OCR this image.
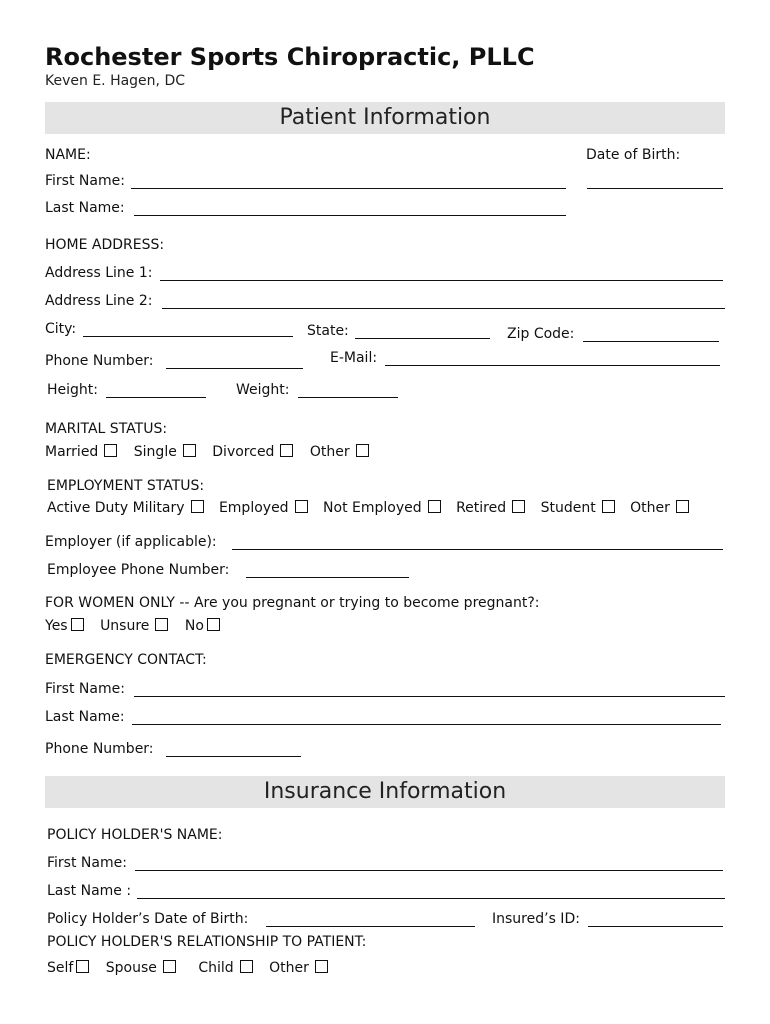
Rochester Sports Chiropractic, PLLC
Keven E. Hagen, DC
Patient Information
NAME:	Date of Birth:
First Name:
Last Name:
HOME ADDRESS:
Address Line 1:
Address Line 2:
City:	State:	Zip Code:
Phone Number:	E-Mail:
Height:	Weight:
MARITAL STATUS:
Married	Single	Divorced	Other
EMPLOYMENT STATUS:
Active Duty Military Employed Not Employed Retired Student Other
Employer (if applicable):
Employee Phone Number:
FOR WOMEN ONLY -- Are you pregnant or trying to become pregnant?:
Yes Unsure	No
EMERGENCY CONTACT:
First Name:
Last Name:
Phone Number:
Insurance Information
POLICY HOLDER'S NAME:
First Name:
Last Name :
Policy Holder’s Date of Birth:	Insured’s ID:
POLICY HOLDER'S RELATIONSHIP TO PATIENT:
Self Spouse	Child	Other
